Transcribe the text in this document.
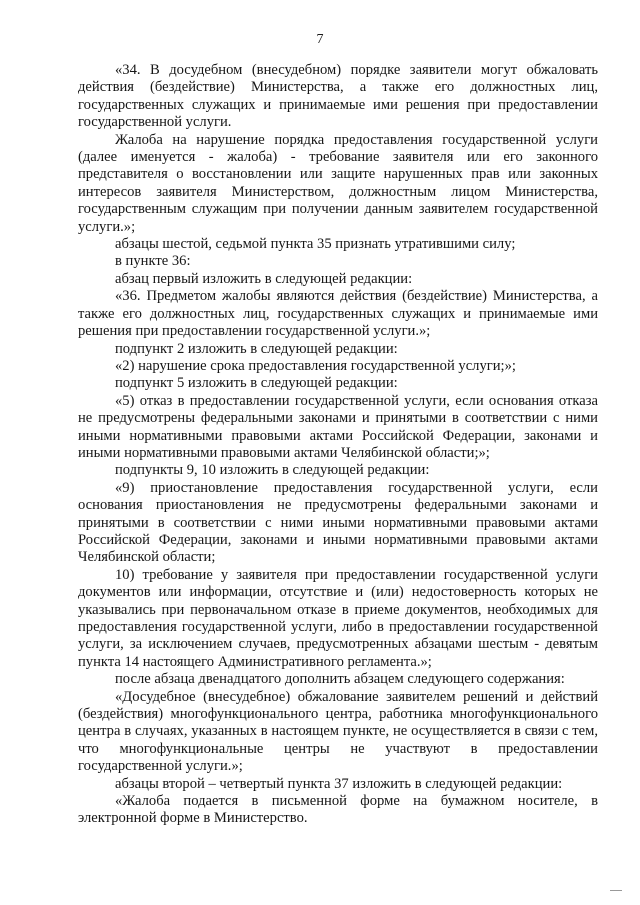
7

«34. В досудебном (внесудебном) порядке заявители могут обжаловать действия (бездействие) Министерства, а также его должностных лиц, государственных служащих и принимаемые ими решения при предоставлении государственной услуги.

Жалоба на нарушение порядка предоставления государственной услуги (далее именуется - жалоба) - требование заявителя или его законного представителя о восстановлении или защите нарушенных прав или законных интересов заявителя Министерством, должностным лицом Министерства, государственным служащим при получении данным заявителем государственной услуги.»;

абзацы шестой, седьмой пункта 35 признать утратившими силу;

в пункте 36:

абзац первый изложить в следующей редакции:

«36. Предметом жалобы являются действия (бездействие) Министерства, а также его должностных лиц, государственных служащих и принимаемые ими решения при предоставлении государственной услуги.»;

подпункт 2 изложить в следующей редакции:

«2) нарушение срока предоставления государственной услуги;»;

подпункт 5 изложить в следующей редакции:

«5) отказ в предоставлении государственной услуги, если основания отказа не предусмотрены федеральными законами и принятыми в соответствии с ними иными нормативными правовыми актами Российской Федерации, законами и иными нормативными правовыми актами Челябинской области;»;

подпункты 9, 10 изложить в следующей редакции:

«9) приостановление предоставления государственной услуги, если основания приостановления не предусмотрены федеральными законами и принятыми в соответствии с ними иными нормативными правовыми актами Российской Федерации, законами и иными нормативными правовыми актами Челябинской области;

10) требование у заявителя при предоставлении государственной услуги документов или информации, отсутствие и (или) недостоверность которых не указывались при первоначальном отказе в приеме документов, необходимых для предоставления государственной услуги, либо в предоставлении государственной услуги, за исключением случаев, предусмотренных абзацами шестым - девятым пункта 14 настоящего Административного регламента.»;

после абзаца двенадцатого дополнить абзацем следующего содержания:

«Досудебное (внесудебное) обжалование заявителем решений и действий (бездействия) многофункционального центра, работника многофункционального центра в случаях, указанных в настоящем пункте, не осуществляется в связи с тем, что многофункциональные центры не участвуют в предоставлении государственной услуги.»;

абзацы второй – четвертый пункта 37 изложить в следующей редакции:

«Жалоба подается в письменной форме на бумажном носителе, в электронной форме в Министерство.
